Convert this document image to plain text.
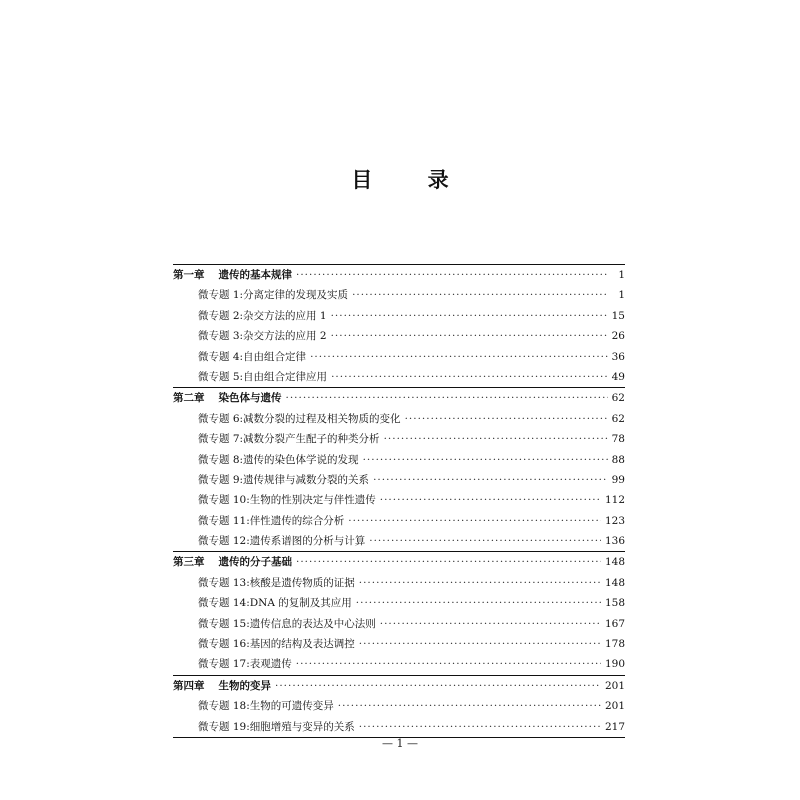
目 录
第一章 遗传的基本规律 ·····	1
微专题 1:分离定律的发现及实质 ·····	1
微专题 2:杂交方法的应用 1 ·····	15
微专题 3:杂交方法的应用 2 ·····	26
微专题 4:自由组合定律 ·····	36
微专题 5:自由组合定律应用 ·····	49
第二章 染色体与遗传 ·····	62
微专题 6:减数分裂的过程及相关物质的变化 ·····	62
微专题 7:减数分裂产生配子的种类分析 ·····	78
微专题 8:遗传的染色体学说的发现 ·····	88
微专题 9:遗传规律与减数分裂的关系 ·····	99
微专题 10:生物的性别决定与伴性遗传 ·····	112
微专题 11:伴性遗传的综合分析 ·····	123
微专题 12:遗传系谱图的分析与计算 ·····	136
第三章 遗传的分子基础 ·····	148
微专题 13:核酸是遗传物质的证据 ·····	148
微专题 14:DNA 的复制及其应用 ·····	158
微专题 15:遗传信息的表达及中心法则 ·····	167
微专题 16:基因的结构及表达调控 ·····	178
微专题 17:表观遗传 ·····	190
第四章 生物的变异 ·····	201
微专题 18:生物的可遗传变异 ·····	201
微专题 19:细胞增殖与变异的关系 ·····	217
— 1 —
